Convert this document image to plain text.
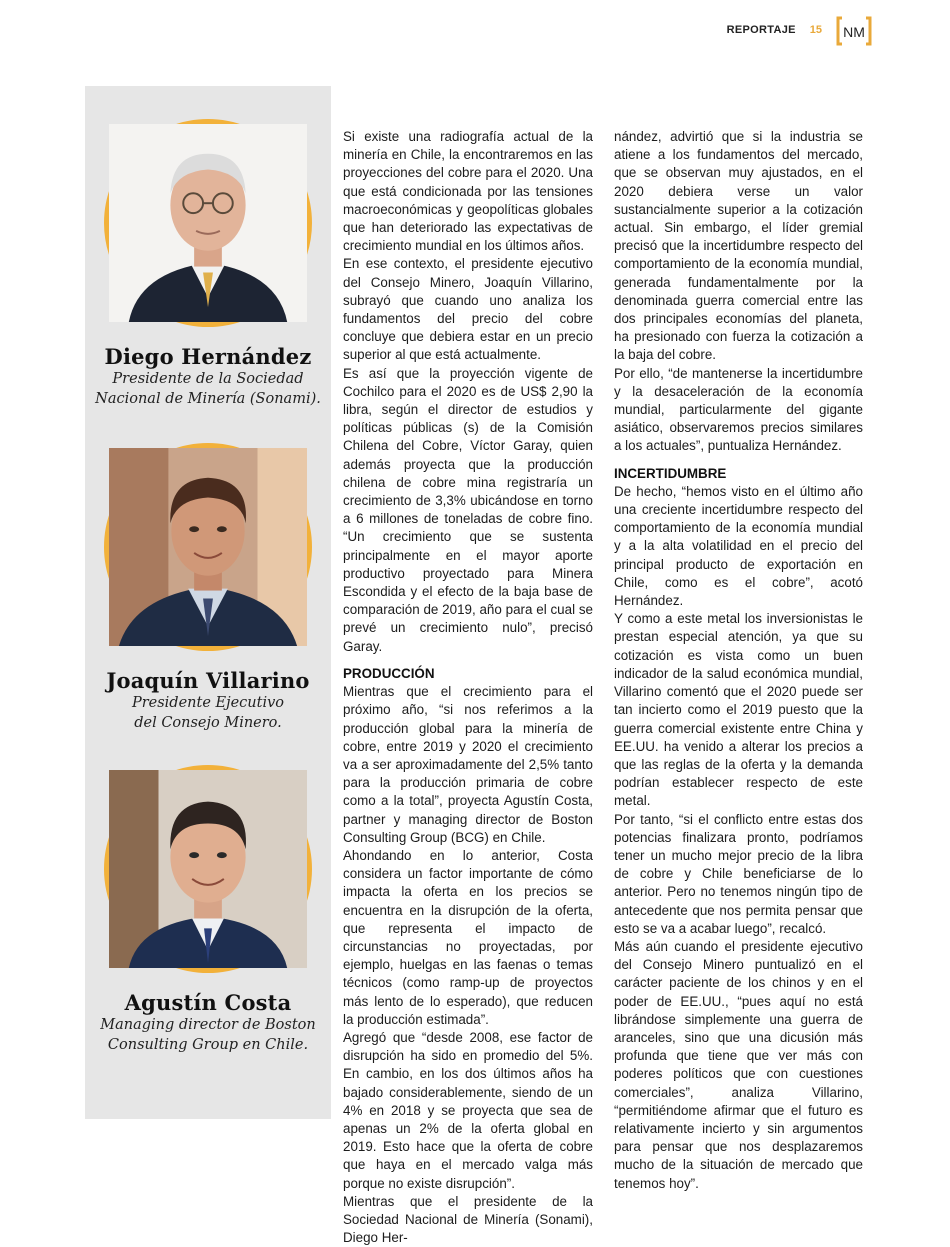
REPORTAJE 15 NM
Diego Hernández
Presidente de la Sociedad
Nacional de Minería (Sonami).
Joaquín Villarino
Presidente Ejecutivo
del Consejo Minero.
Agustín Costa
Managing director de Boston
Consulting Group en Chile.

Si existe una radiografía actual de la minería en Chile, la encontraremos en las proyecciones del cobre para el 2020. Una que está condicionada por las tensiones macroeconómicas y geopolíticas globales que han deteriorado las expectativas de crecimiento mundial en los últimos años.

En ese contexto, el presidente ejecutivo del Consejo Minero, Joaquín Villarino, subrayó que cuando uno analiza los fundamentos del precio del cobre concluye que debiera estar en un precio superior al que está actualmente.

Es así que la proyección vigente de Cochilco para el 2020 es de US$ 2,90 la libra, según el director de estudios y políticas públicas (s) de la Comisión Chilena del Cobre, Víctor Garay, quien además proyecta que la producción chilena de cobre mina registraría un crecimiento de 3,3% ubicándose en torno a 6 millones de toneladas de cobre fino. “Un crecimiento que se sustenta principalmente en el mayor aporte productivo proyectado para Minera Escondida y el efecto de la baja base de comparación de 2019, año para el cual se prevé un crecimiento nulo”, precisó Garay.

PRODUCCIÓN

Mientras que el crecimiento para el próximo año, “si nos referimos a la producción global para la minería de cobre, entre 2019 y 2020 el crecimiento va a ser aproximadamente del 2,5% tanto para la producción primaria de cobre como a la total”, proyecta Agustín Costa, partner y managing director de Boston Consulting Group (BCG) en Chile.

Ahondando en lo anterior, Costa considera un factor importante de cómo impacta la oferta en los precios se encuentra en la disrupción de la oferta, que representa el impacto de circunstancias no proyectadas, por ejemplo, huelgas en las faenas o temas técnicos (como ramp-up de proyectos más lento de lo esperado), que reducen la producción estimada”.

Agregó que “desde 2008, ese factor de disrupción ha sido en promedio del 5%. En cambio, en los dos últimos años ha bajado considerablemente, siendo de un 4% en 2018 y se proyecta que sea de apenas un 2% de la oferta global en 2019. Esto hace que la oferta de cobre que haya en el mercado valga más porque no existe disrupción”.

Mientras que el presidente de la Sociedad Nacional de Minería (Sonami), Diego Her-

nández, advirtió que si la industria se atiene a los fundamentos del mercado, que se observan muy ajustados, en el 2020 debiera verse un valor sustancialmente superior a la cotización actual. Sin embargo, el líder gremial precisó que la incertidumbre respecto del comportamiento de la economía mundial, generada fundamentalmente por la denominada guerra comercial entre las dos principales economías del planeta, ha presionado con fuerza la cotización a la baja del cobre.

Por ello, “de mantenerse la incertidumbre y la desaceleración de la economía mundial, particularmente del gigante asiático, observaremos precios similares a los actuales”, puntualiza Hernández.

INCERTIDUMBRE

De hecho, “hemos visto en el último año una creciente incertidumbre respecto del comportamiento de la economía mundial y a la alta volatilidad en el precio del principal producto de exportación en Chile, como es el cobre”, acotó Hernández.

Y como a este metal los inversionistas le prestan especial atención, ya que su cotización es vista como un buen indicador de la salud económica mundial, Villarino comentó que el 2020 puede ser tan incierto como el 2019 puesto que la guerra comercial existente entre China y EE.UU. ha venido a alterar los precios a que las reglas de la oferta y la demanda podrían establecer respecto de este metal.

Por tanto, “si el conflicto entre estas dos potencias finalizara pronto, podríamos tener un mucho mejor precio de la libra de cobre y Chile beneficiarse de lo anterior. Pero no tenemos ningún tipo de antecedente que nos permita pensar que esto se va a acabar luego”, recalcó.

Más aún cuando el presidente ejecutivo del Consejo Minero puntualizó en el carácter paciente de los chinos y en el poder de EE.UU., “pues aquí no está librándose simplemente una guerra de aranceles, sino que una dicusión más profunda que tiene que ver más con poderes políticos que con cuestiones comerciales”, analiza Villarino, “permitiéndome afirmar que el futuro es relativamente incierto y sin argumentos para pensar que nos desplazaremos mucho de la situación de mercado que tenemos hoy”.
